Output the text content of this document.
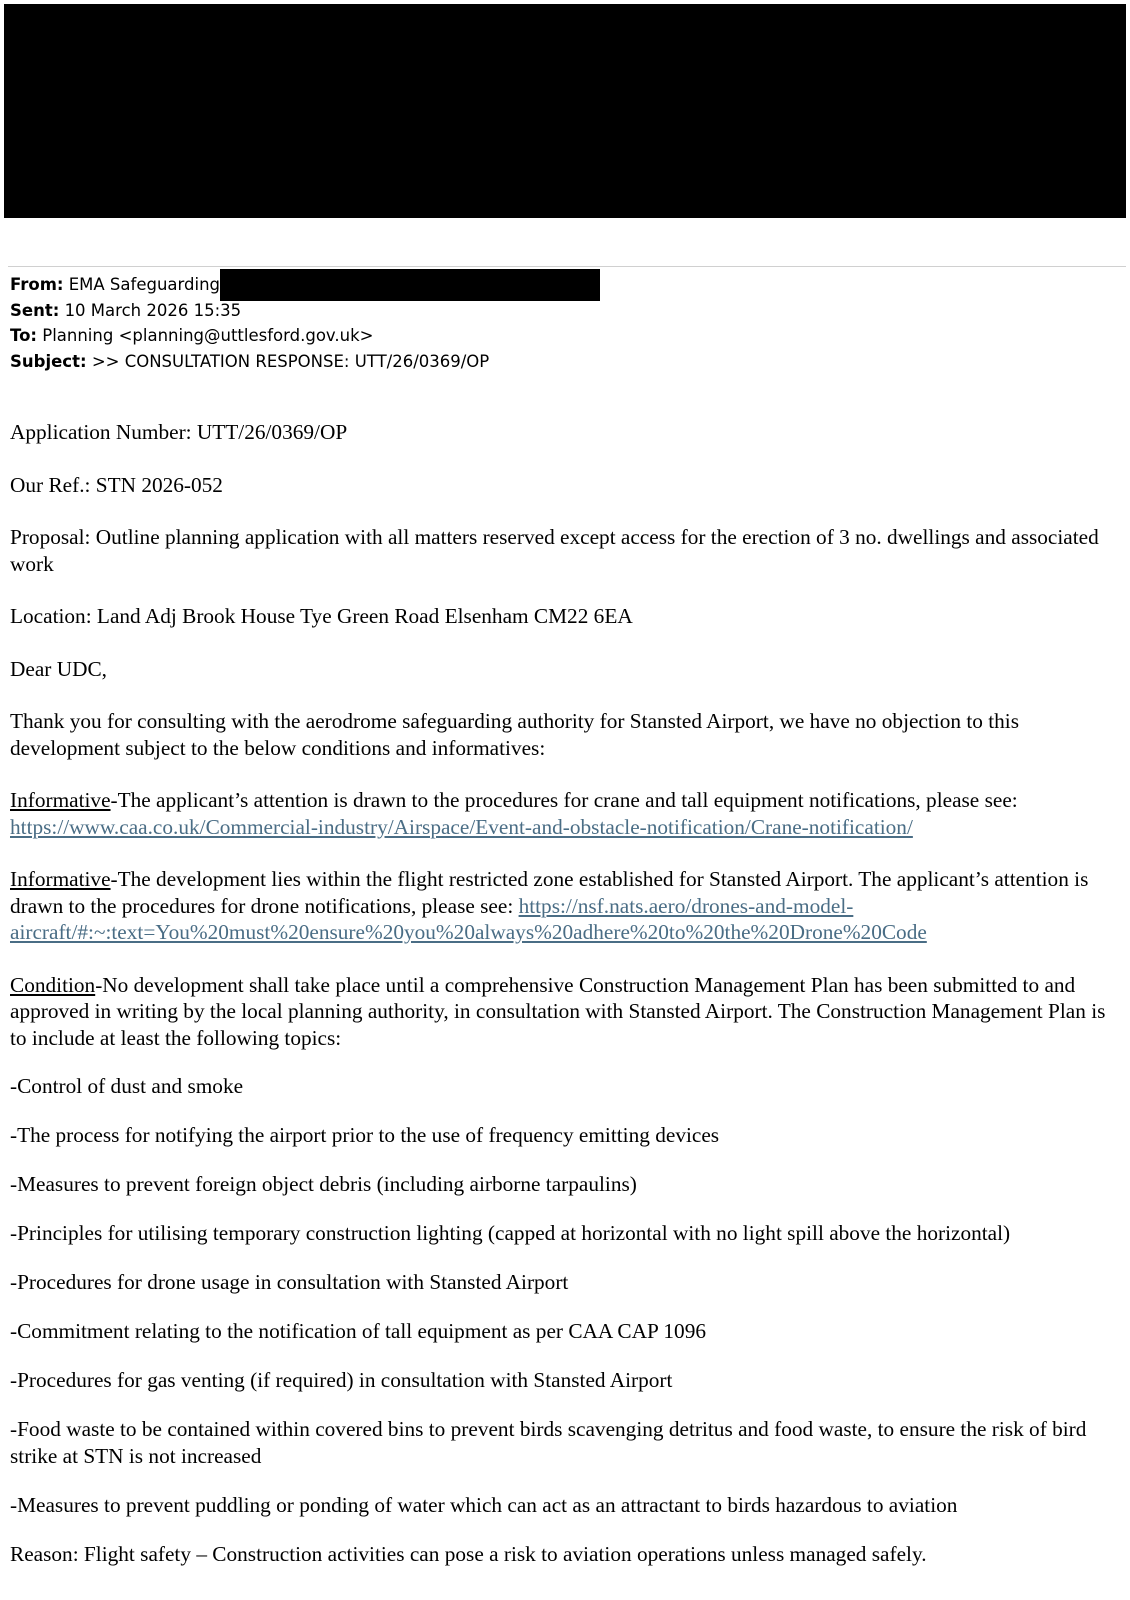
From: EMA Safeguarding
Sent: 10 March 2026 15:35
To: Planning <planning@uttlesford.gov.uk>
Subject: >> CONSULTATION RESPONSE: UTT/26/0369/OP

Application Number: UTT/26/0369/OP

Our Ref.: STN 2026-052

Proposal: Outline planning application with all matters reserved except access for the erection of 3 no. dwellings and associated work

Location: Land Adj Brook House Tye Green Road Elsenham CM22 6EA

Dear UDC,

Thank you for consulting with the aerodrome safeguarding authority for Stansted Airport, we have no objection to this development subject to the below conditions and informatives:

Informative-The applicant’s attention is drawn to the procedures for crane and tall equipment notifications, please see: https://www.caa.co.uk/Commercial-industry/Airspace/Event-and-obstacle-notification/Crane-notification/

Informative-The development lies within the flight restricted zone established for Stansted Airport. The applicant’s attention is drawn to the procedures for drone notifications, please see: https://nsf.nats.aero/drones-and-model-aircraft/#:~:text=You%20must%20ensure%20you%20always%20adhere%20to%20the%20Drone%20Code

Condition-No development shall take place until a comprehensive Construction Management Plan has been submitted to and approved in writing by the local planning authority, in consultation with Stansted Airport. The Construction Management Plan is to include at least the following topics:

-Control of dust and smoke

-The process for notifying the airport prior to the use of frequency emitting devices

-Measures to prevent foreign object debris (including airborne tarpaulins)

-Principles for utilising temporary construction lighting (capped at horizontal with no light spill above the horizontal)

-Procedures for drone usage in consultation with Stansted Airport

-Commitment relating to the notification of tall equipment as per CAA CAP 1096

-Procedures for gas venting (if required) in consultation with Stansted Airport

-Food waste to be contained within covered bins to prevent birds scavenging detritus and food waste, to ensure the risk of bird strike at STN is not increased

-Measures to prevent puddling or ponding of water which can act as an attractant to birds hazardous to aviation

Reason: Flight safety – Construction activities can pose a risk to aviation operations unless managed safely.
